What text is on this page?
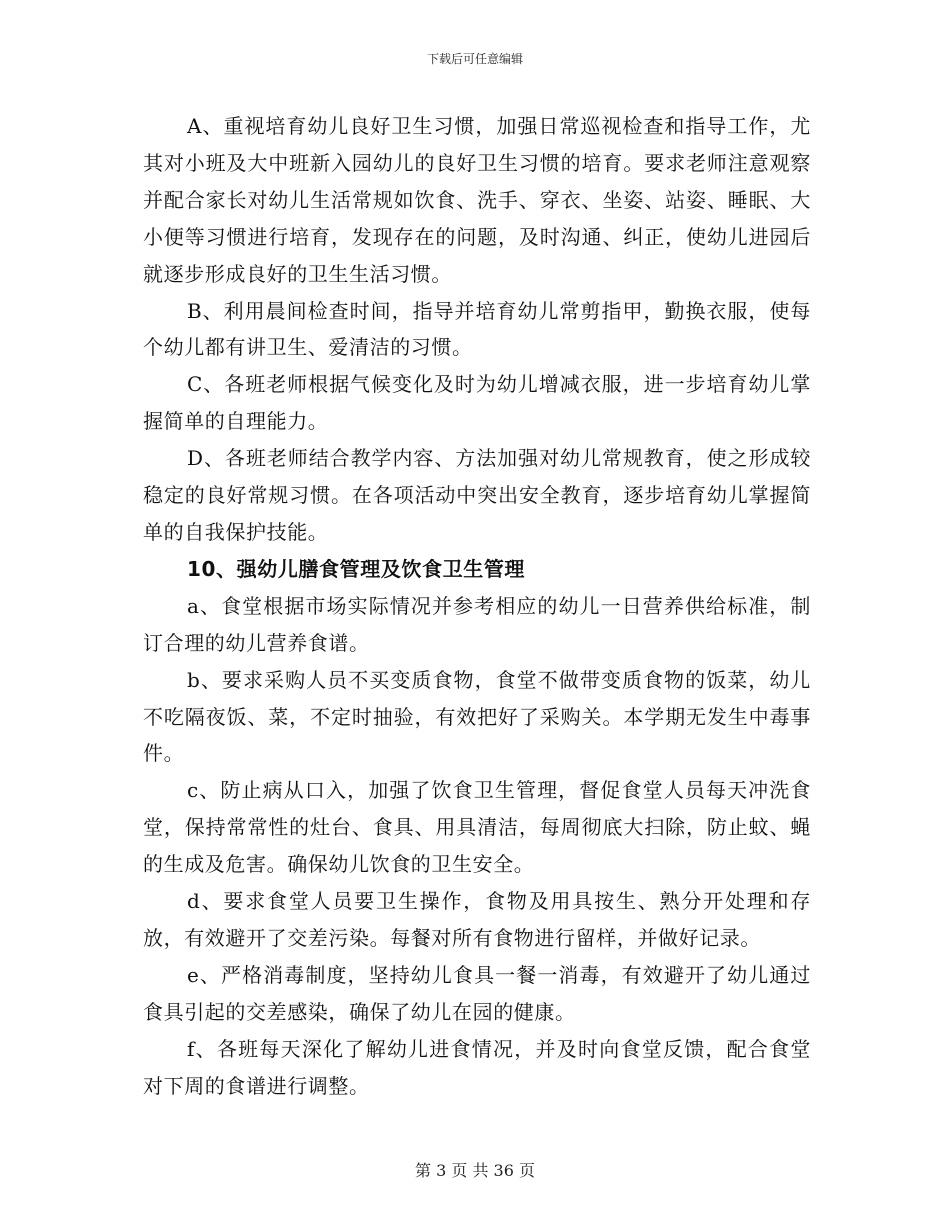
下载后可任意编辑

A、重视培育幼儿良好卫生习惯，加强日常巡视检查和指导工作，尤其对小班及大中班新入园幼儿的良好卫生习惯的培育。要求老师注意观察并配合家长对幼儿生活常规如饮食、洗手、穿衣、坐姿、站姿、睡眠、大小便等习惯进行培育，发现存在的问题，及时沟通、纠正，使幼儿进园后就逐步形成良好的卫生生活习惯。

B、利用晨间检查时间，指导并培育幼儿常剪指甲，勤换衣服，使每个幼儿都有讲卫生、爱清洁的习惯。

C、各班老师根据气候变化及时为幼儿增减衣服，进一步培育幼儿掌握简单的自理能力。

D、各班老师结合教学内容、方法加强对幼儿常规教育，使之形成较稳定的良好常规习惯。在各项活动中突出安全教育，逐步培育幼儿掌握简单的自我保护技能。

10、强幼儿膳食管理及饮食卫生管理

a、食堂根据市场实际情况并参考相应的幼儿一日营养供给标准，制订合理的幼儿营养食谱。

b、要求采购人员不买变质食物，食堂不做带变质食物的饭菜，幼儿不吃隔夜饭、菜，不定时抽验，有效把好了采购关。本学期无发生中毒事件。

c、防止病从口入，加强了饮食卫生管理，督促食堂人员每天冲洗食堂，保持常常性的灶台、食具、用具清洁，每周彻底大扫除，防止蚊、蝇的生成及危害。确保幼儿饮食的卫生安全。

d、要求食堂人员要卫生操作，食物及用具按生、熟分开处理和存放，有效避开了交差污染。每餐对所有食物进行留样，并做好记录。

e、严格消毒制度，坚持幼儿食具一餐一消毒，有效避开了幼儿通过食具引起的交差感染，确保了幼儿在园的健康。

f、各班每天深化了解幼儿进食情况，并及时向食堂反馈，配合食堂对下周的食谱进行调整。

第 3 页 共 36 页
